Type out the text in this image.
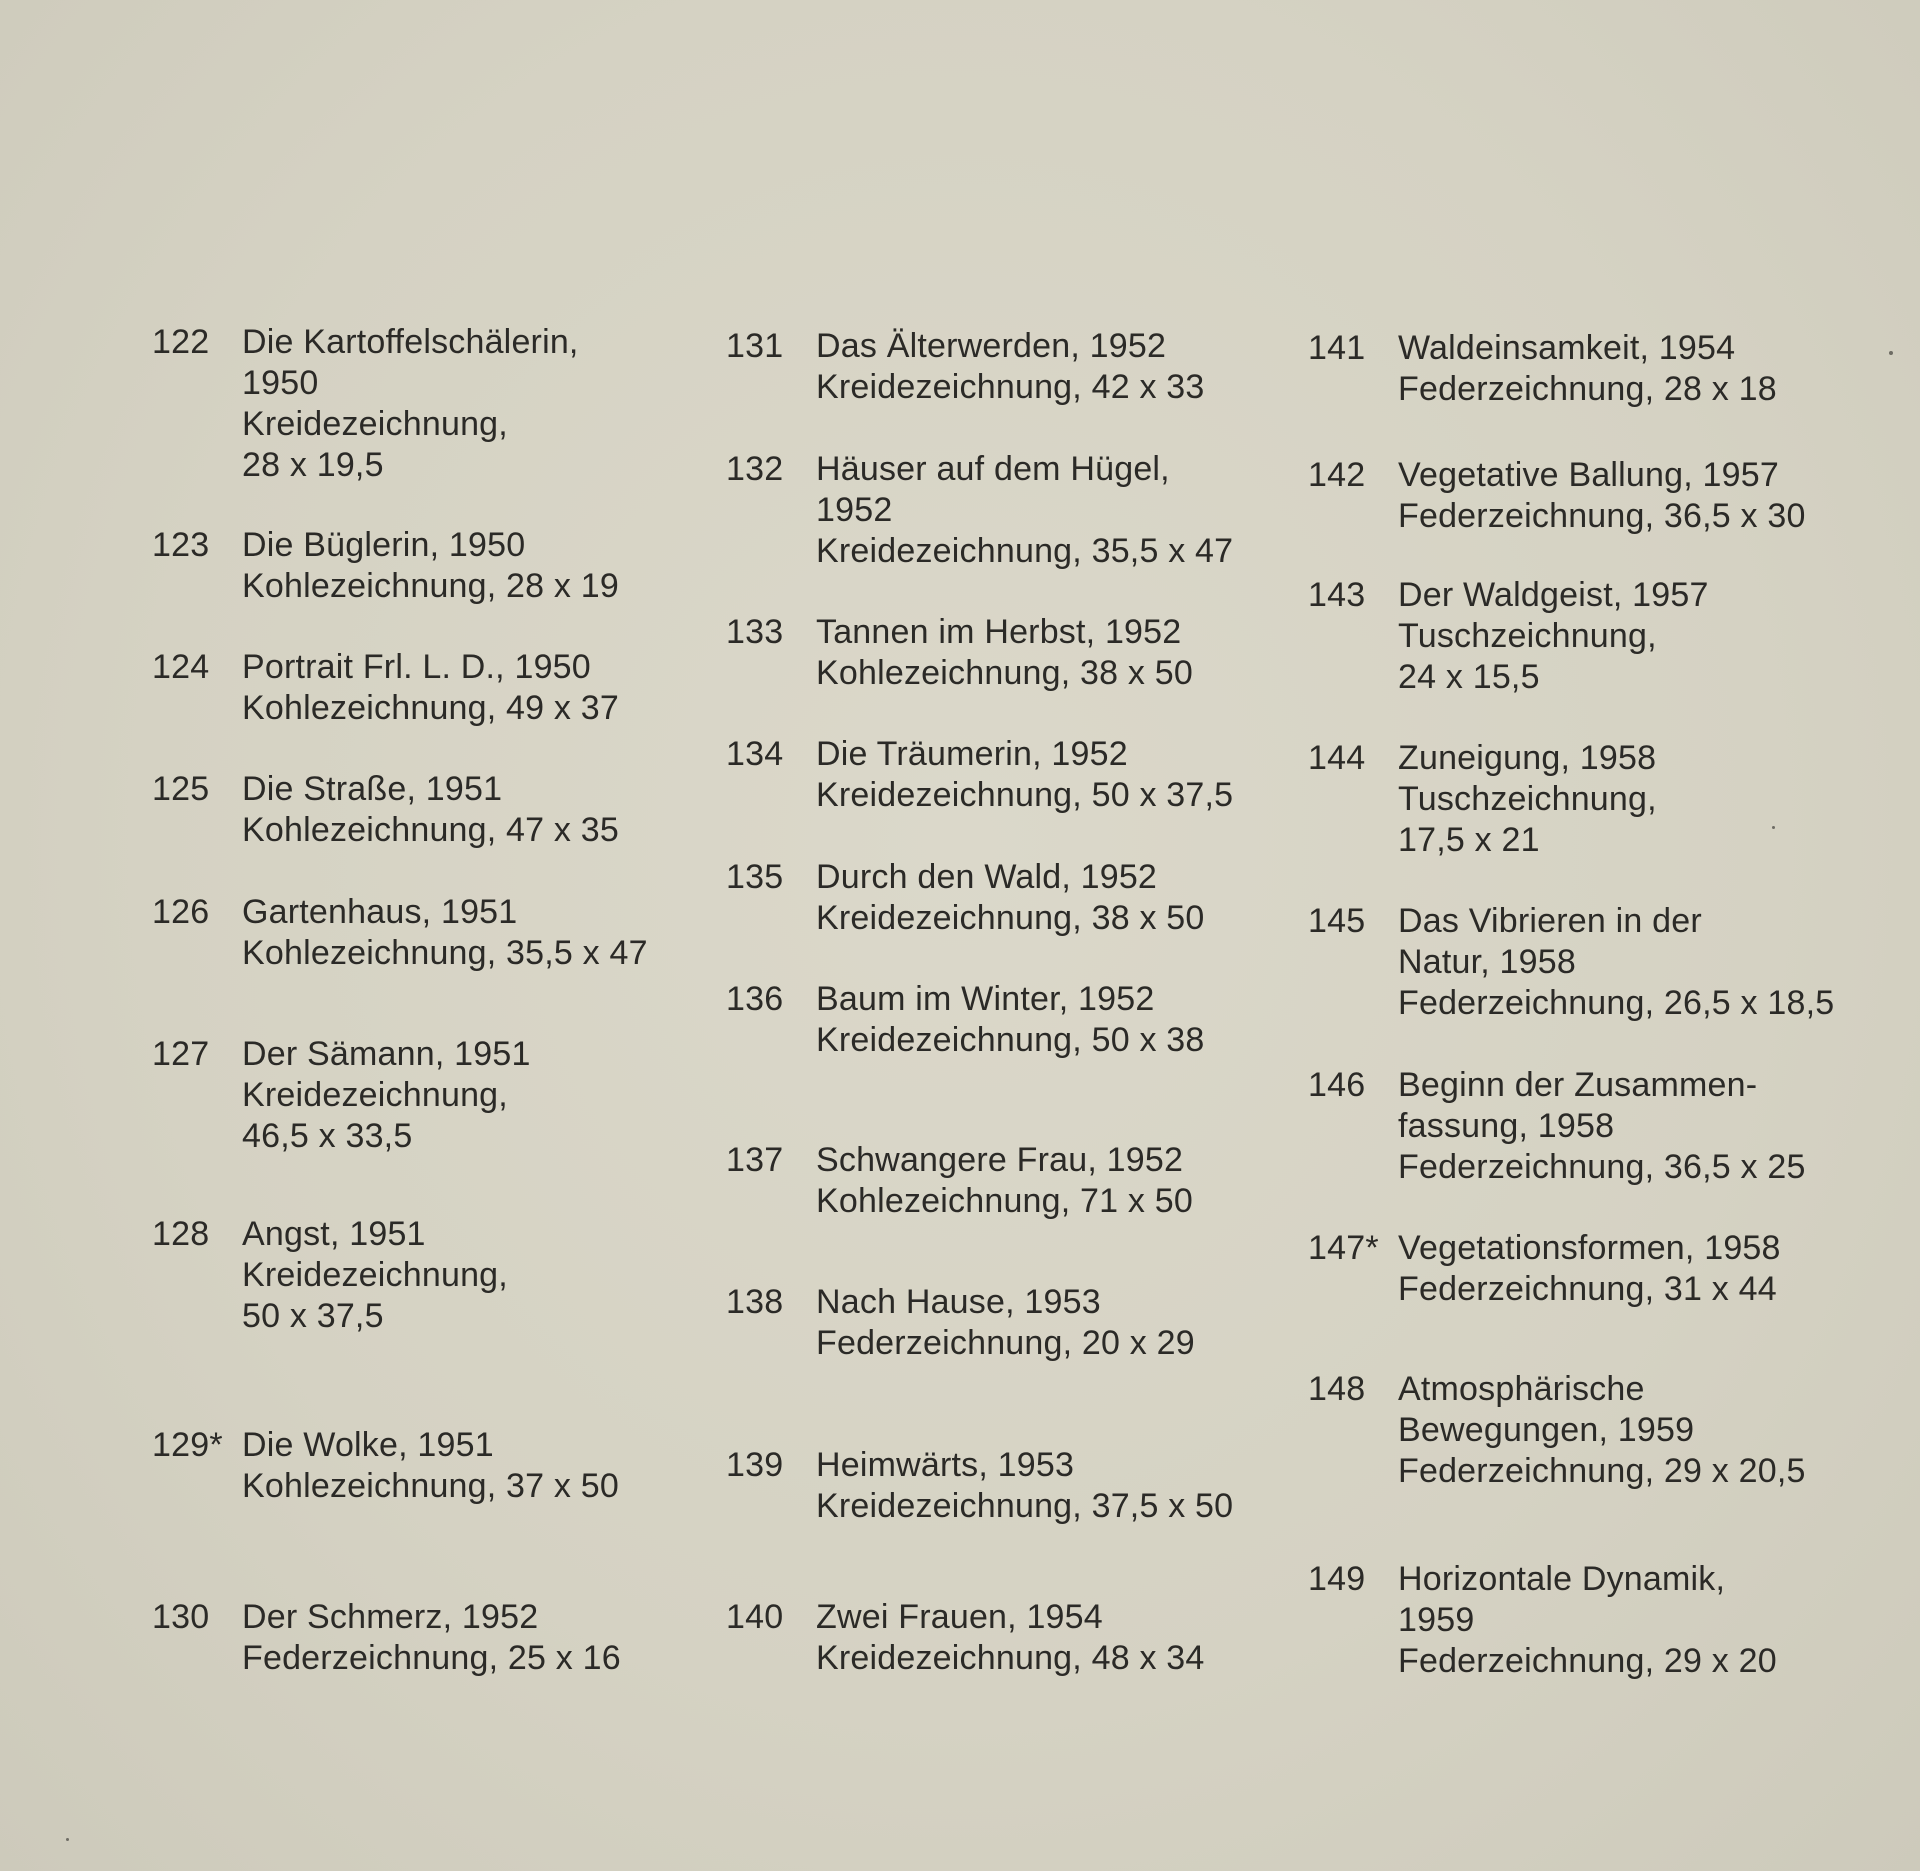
122 Die Kartoffelschälerin,
1950
Kreidezeichnung,
28 x 19,5
123 Die Büglerin, 1950
Kohlezeichnung, 28 x 19
124 Portrait Frl. L. D., 1950
Kohlezeichnung, 49 x 37
125 Die Straße, 1951
Kohlezeichnung, 47 x 35
126 Gartenhaus, 1951
Kohlezeichnung, 35,5 x 47
127 Der Sämann, 1951
Kreidezeichnung,
46,5 x 33,5
128 Angst, 1951
Kreidezeichnung,
50 x 37,5
129* Die Wolke, 1951
Kohlezeichnung, 37 x 50
130 Der Schmerz, 1952
Federzeichnung, 25 x 16
131 Das Älterwerden, 1952
Kreidezeichnung, 42 x 33
132 Häuser auf dem Hügel,
1952
Kreidezeichnung, 35,5 x 47
133 Tannen im Herbst, 1952
Kohlezeichnung, 38 x 50
134 Die Träumerin, 1952
Kreidezeichnung, 50 x 37,5
135 Durch den Wald, 1952
Kreidezeichnung, 38 x 50
136 Baum im Winter, 1952
Kreidezeichnung, 50 x 38
137 Schwangere Frau, 1952
Kohlezeichnung, 71 x 50
138 Nach Hause, 1953
Federzeichnung, 20 x 29
139 Heimwärts, 1953
Kreidezeichnung, 37,5 x 50
140 Zwei Frauen, 1954
Kreidezeichnung, 48 x 34
141 Waldeinsamkeit, 1954
Federzeichnung, 28 x 18
142 Vegetative Ballung, 1957
Federzeichnung, 36,5 x 30
143 Der Waldgeist, 1957
Tuschzeichnung,
24 x 15,5
144 Zuneigung, 1958
Tuschzeichnung,
17,5 x 21
145 Das Vibrieren in der
Natur, 1958
Federzeichnung, 26,5 x 18,5
146 Beginn der Zusammen-
fassung, 1958
Federzeichnung, 36,5 x 25
147* Vegetationsformen, 1958
Federzeichnung, 31 x 44
148 Atmosphärische
Bewegungen, 1959
Federzeichnung, 29 x 20,5
149 Horizontale Dynamik,
1959
Federzeichnung, 29 x 20
